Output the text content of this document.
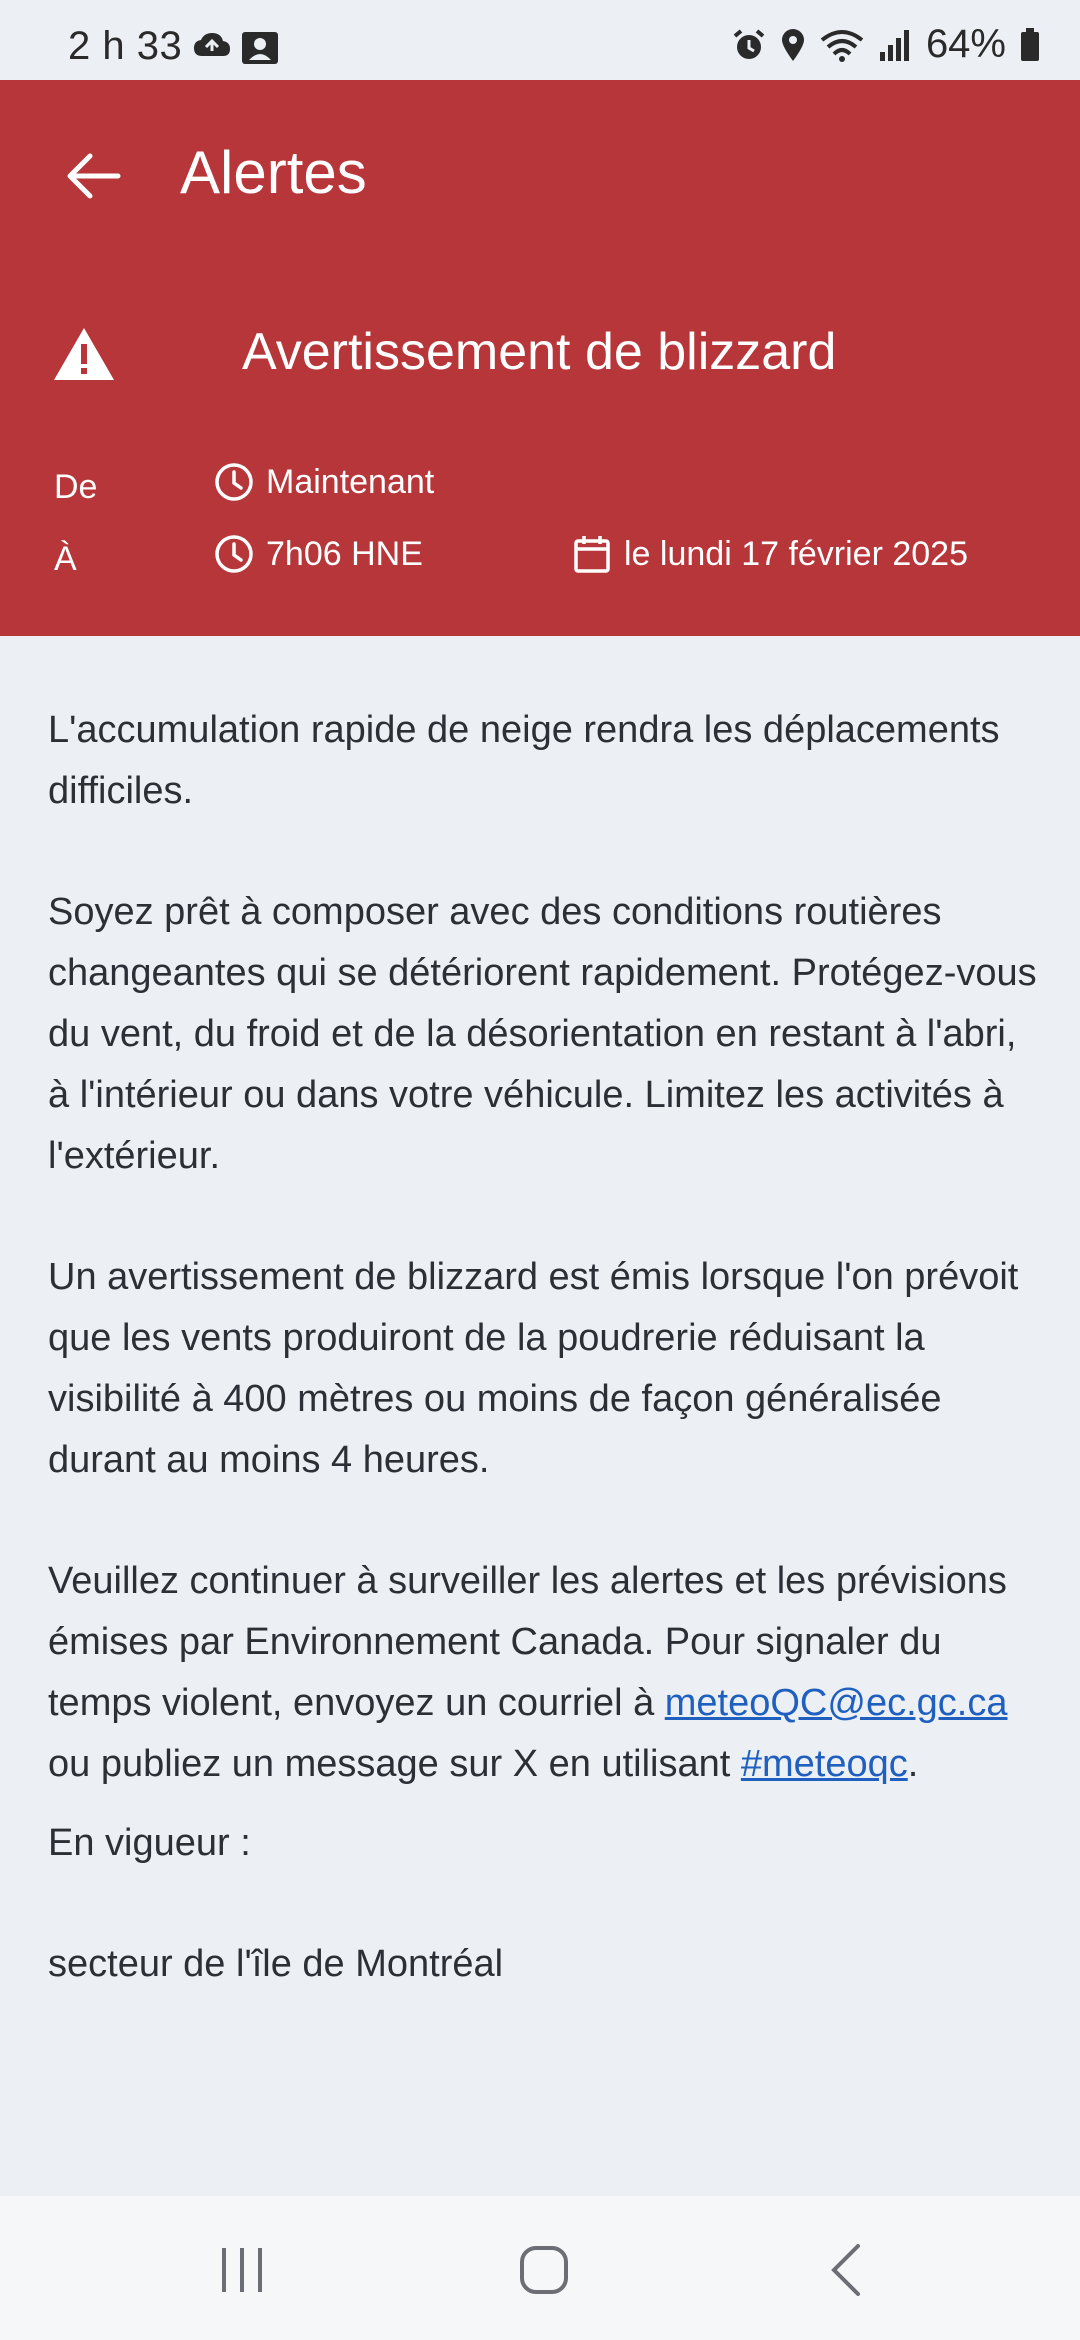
2 h 33	64%
Alertes
Avertissement de blizzard
De
À
Maintenant
7h06 HNE	le lundi 17 février 2025

L'accumulation rapide de neige rendra les déplacements difficiles.

Soyez prêt à composer avec des conditions routières changeantes qui se détériorent rapidement. Protégez-vous du vent, du froid et de la désorientation en restant à l'abri, à l'intérieur ou dans votre véhicule. Limitez les activités à l'extérieur.

Un avertissement de blizzard est émis lorsque l'on prévoit que les vents produiront de la poudrerie réduisant la visibilité à 400 mètres ou moins de façon généralisée durant au moins 4 heures.

Veuillez continuer à surveiller les alertes et les prévisions émises par Environnement Canada. Pour signaler du temps violent, envoyez un courriel à meteoQC@ec.gc.ca ou publiez un message sur X en utilisant #meteoqc.

En vigueur :

secteur de l'île de Montréal
